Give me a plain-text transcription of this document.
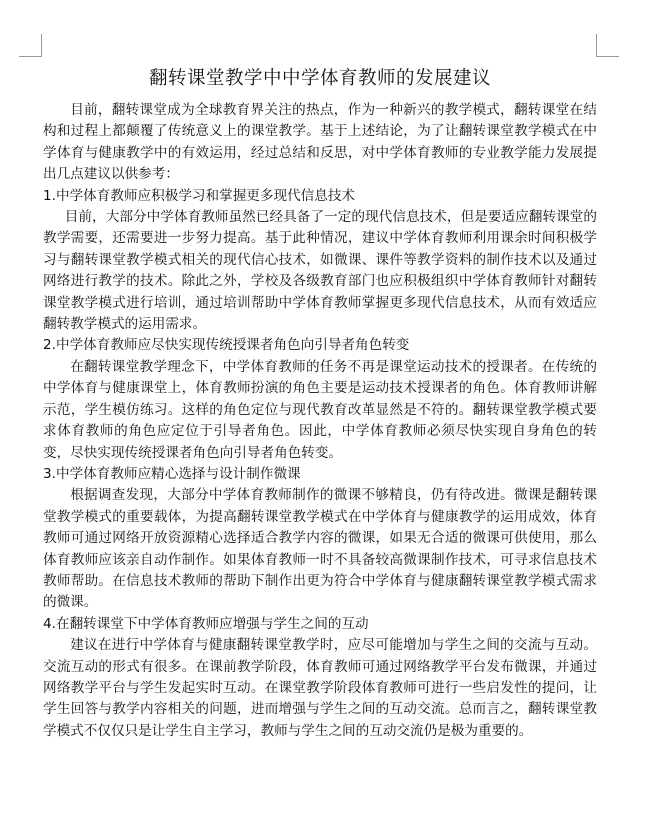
翻转课堂教学中中学体育教师的发展建议

目前，翻转课堂成为全球教育界关注的热点，作为一种新兴的教学模式，翻转课堂在结构和过程上都颠覆了传统意义上的课堂教学。基于上述结论，为了让翻转课堂教学模式在中学体育与健康教学中的有效运用，经过总结和反思，对中学体育教师的专业教学能力发展提出几点建议以供参考：

1.中学体育教师应积极学习和掌握更多现代信息技术

目前，大部分中学体育教师虽然已经具备了一定的现代信息技术，但是要适应翻转课堂的教学需要，还需要进一步努力提高。基于此种情况，建议中学体育教师利用课余时间积极学习与翻转课堂教学模式相关的现代信心技术，如微课、课件等教学资料的制作技术以及通过网络进行教学的技术。除此之外，学校及各级教育部门也应积极组织中学体育教师针对翻转课堂教学模式进行培训，通过培训帮助中学体育教师掌握更多现代信息技术，从而有效适应翻转教学模式的运用需求。

2.中学体育教师应尽快实现传统授课者角色向引导者角色转变

在翻转课堂教学理念下，中学体育教师的任务不再是课堂运动技术的授课者。在传统的中学体育与健康课堂上，体育教师扮演的角色主要是运动技术授课者的角色。体育教师讲解示范，学生模仿练习。这样的角色定位与现代教育改革显然是不符的。翻转课堂教学模式要求体育教师的角色应定位于引导者角色。因此，中学体育教师必须尽快实现自身角色的转变，尽快实现传统授课者角色向引导者角色转变。

3.中学体育教师应精心选择与设计制作微课

根据调查发现，大部分中学体育教师制作的微课不够精良，仍有待改进。微课是翻转课堂教学模式的重要载体，为提高翻转课堂教学模式在中学体育与健康教学的运用成效，体育教师可通过网络开放资源精心选择适合教学内容的微课，如果无合适的微课可供使用，那么体育教师应该亲自动作制作。如果体育教师一时不具备较高微课制作技术，可寻求信息技术教师帮助。在信息技术教师的帮助下制作出更为符合中学体育与健康翻转课堂教学模式需求的微课。

4.在翻转课堂下中学体育教师应增强与学生之间的互动

建议在进行中学体育与健康翻转课堂教学时，应尽可能增加与学生之间的交流与互动。交流互动的形式有很多。在课前教学阶段，体育教师可通过网络教学平台发布微课，并通过网络教学平台与学生发起实时互动。在课堂教学阶段体育教师可进行一些启发性的提问，让学生回答与教学内容相关的问题，进而增强与学生之间的互动交流。总而言之，翻转课堂教学模式不仅仅只是让学生自主学习，教师与学生之间的互动交流仍是极为重要的。
